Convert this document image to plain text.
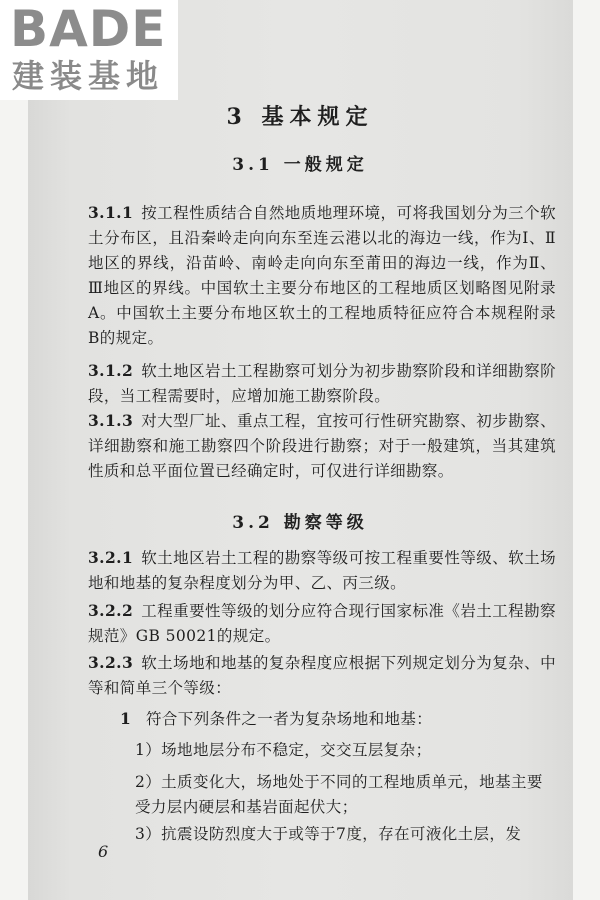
BADE
建装基地
3 基本规定
3.1 一般规定
3.1.1 按工程性质结合自然地质地理环境，可将我国划分为三个软土分布区，且沿秦岭走向向东至连云港以北的海边一线，作为Ⅰ、Ⅱ地区的界线，沿苗岭、南岭走向向东至莆田的海边一线，作为Ⅱ、Ⅲ地区的界线。中国软土主要分布地区的工程地质区划略图见附录A。中国软土主要分布地区软土的工程地质特征应符合本规程附录B的规定。
3.1.2 软土地区岩土工程勘察可划分为初步勘察阶段和详细勘察阶段，当工程需要时，应增加施工勘察阶段。
3.1.3 对大型厂址、重点工程，宜按可行性研究勘察、初步勘察、详细勘察和施工勘察四个阶段进行勘察；对于一般建筑，当其建筑性质和总平面位置已经确定时，可仅进行详细勘察。
3.2 勘察等级
3.2.1 软土地区岩土工程的勘察等级可按工程重要性等级、软土场地和地基的复杂程度划分为甲、乙、丙三级。
3.2.2 工程重要性等级的划分应符合现行国家标准《岩土工程勘察规范》GB 50021的规定。
3.2.3 软土场地和地基的复杂程度应根据下列规定划分为复杂、中等和简单三个等级：
1 符合下列条件之一者为复杂场地和地基：
1）场地地层分布不稳定，交交互层复杂；
2）土质变化大，场地处于不同的工程地质单元，地基主要受力层内硬层和基岩面起伏大；
3）抗震设防烈度大于或等于7度，存在可液化土层，发
6
